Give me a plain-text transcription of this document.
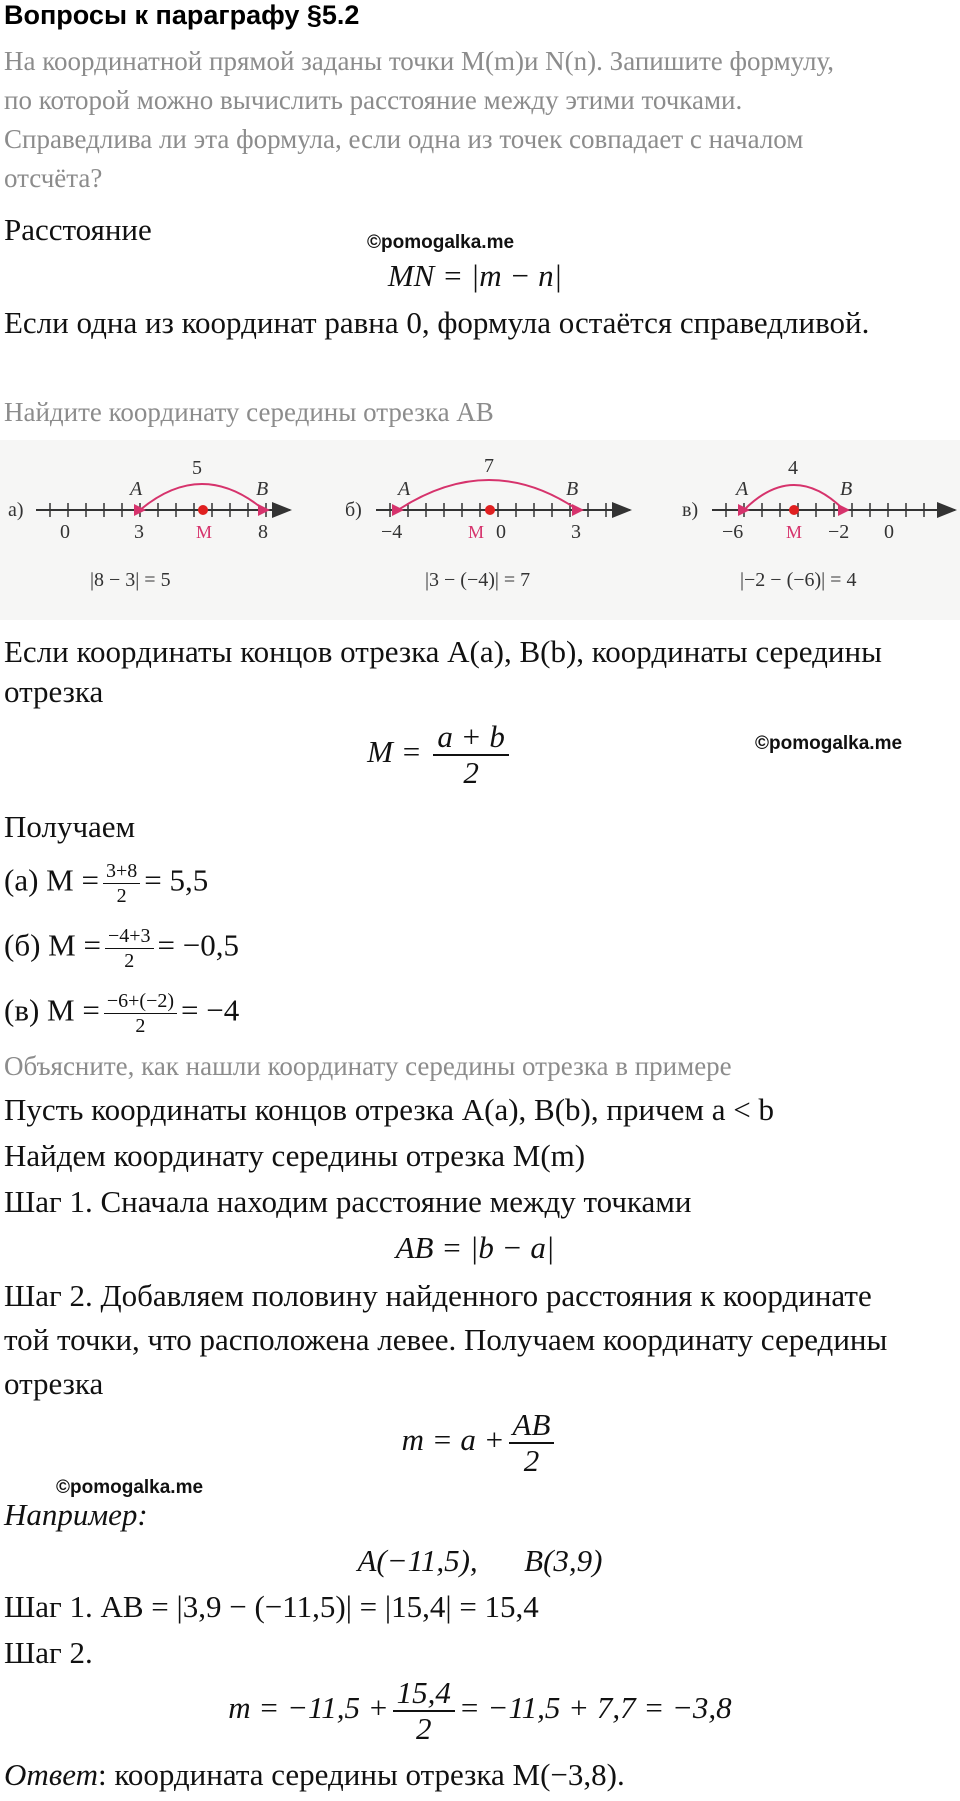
Вопросы к параграфу §5.2
На координатной прямой заданы точки M(m)и N(n). Запишите формулу,
по которой можно вычислить расстояние между этими точками.
Справедлива ли эта формула, если одна из точек совпадает с началом
отсчёта?
Расстояние	©pomogalka.me
MN = |m − n|
Если одна из координат равна 0, формула остаётся справедливой.
Найдите координату середины отрезка AB
а)
5
A	B
0	3	8
M
|8 − 3| = 5
б)
7
A	B
−4	0	3
M
|3 − (−4)| = 7
в)
4
A	B
−6	−2 0
M
|−2 − (−6)| = 4
Если координаты концов отрезка A(a), B(b), координаты середины
отрезка
$M = \frac{a + b}{2}$	©pomogalka.me
Получаем
(а) $M = \frac{3+8}{2} = 5,5$
(б) $M = \frac{-4+3}{2} = -0,5$
(в) $M = \frac{-6+(-2)}{2} = -4$
Объясните, как нашли координату середины отрезка в примере
Пусть координаты концов отрезка A(a), B(b), причем a < b
Найдем координату середины отрезка M(m)
Шаг 1. Сначала находим расстояние между точками
AB = |b − a|
Шаг 2. Добавляем половину найденного расстояния к координате
той точки, что расположена левее. Получаем координату середины
отрезка
$m = a + \frac{AB}{2}$
©pomogalka.me
Например:
A(−11,5),      B(3,9)
Шаг 1. AB = |3,9 − (−11,5)| = |15,4| = 15,4
Шаг 2.
$m = -11,5 + \frac{15,4}{2} = -11,5 + 7,7 = -3,8$
Ответ: координата середины отрезка M(−3,8).
